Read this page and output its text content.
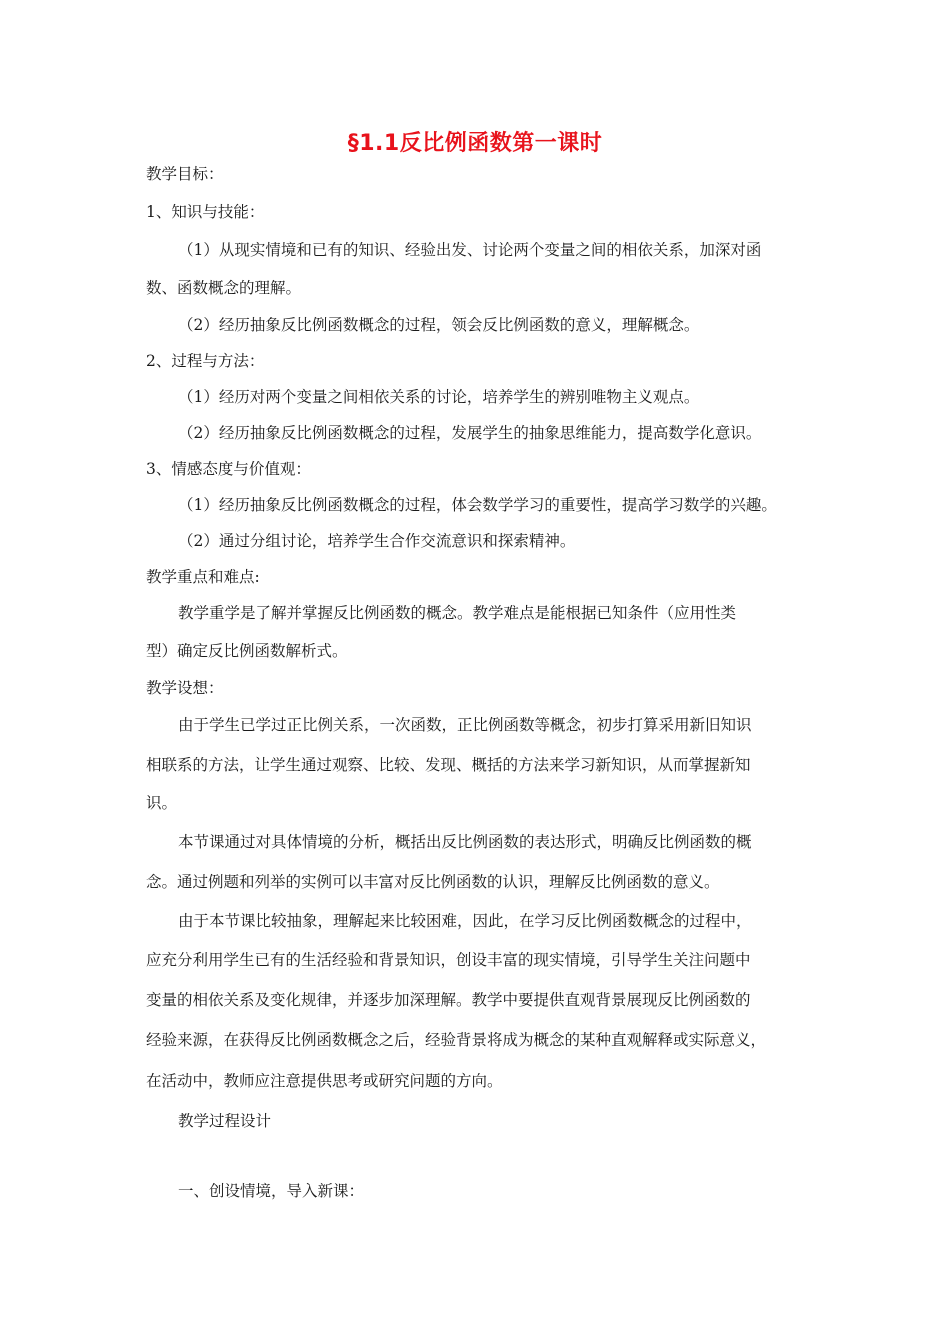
§1.1反比例函数第一课时
教学目标：
1、知识与技能：
（1）从现实情境和已有的知识、经验出发、讨论两个变量之间的相依关系，加深对函
数、函数概念的理解。
（2）经历抽象反比例函数概念的过程，领会反比例函数的意义，理解概念。
2、过程与方法：
（1）经历对两个变量之间相依关系的讨论，培养学生的辨别唯物主义观点。
（2）经历抽象反比例函数概念的过程，发展学生的抽象思维能力，提高数学化意识。
3、情感态度与价值观：
（1）经历抽象反比例函数概念的过程，体会数学学习的重要性，提高学习数学的兴趣。
（2）通过分组讨论，培养学生合作交流意识和探索精神。
教学重点和难点:
教学重学是了解并掌握反比例函数的概念。教学难点是能根据已知条件（应用性类
型）确定反比例函数解析式。
教学设想：
由于学生已学过正比例关系，一次函数，正比例函数等概念，初步打算采用新旧知识
相联系的方法，让学生通过观察、比较、发现、概括的方法来学习新知识，从而掌握新知
识。
本节课通过对具体情境的分析，概括出反比例函数的表达形式，明确反比例函数的概
念。通过例题和列举的实例可以丰富对反比例函数的认识，理解反比例函数的意义。
由于本节课比较抽象，理解起来比较困难，因此，在学习反比例函数概念的过程中，
应充分利用学生已有的生活经验和背景知识，创设丰富的现实情境，引导学生关注问题中
变量的相依关系及变化规律，并逐步加深理解。教学中要提供直观背景展现反比例函数的
经验来源，在获得反比例函数概念之后，经验背景将成为概念的某种直观解释或实际意义，
在活动中，教师应注意提供思考或研究问题的方向。
教学过程设计
一、创设情境，导入新课：
